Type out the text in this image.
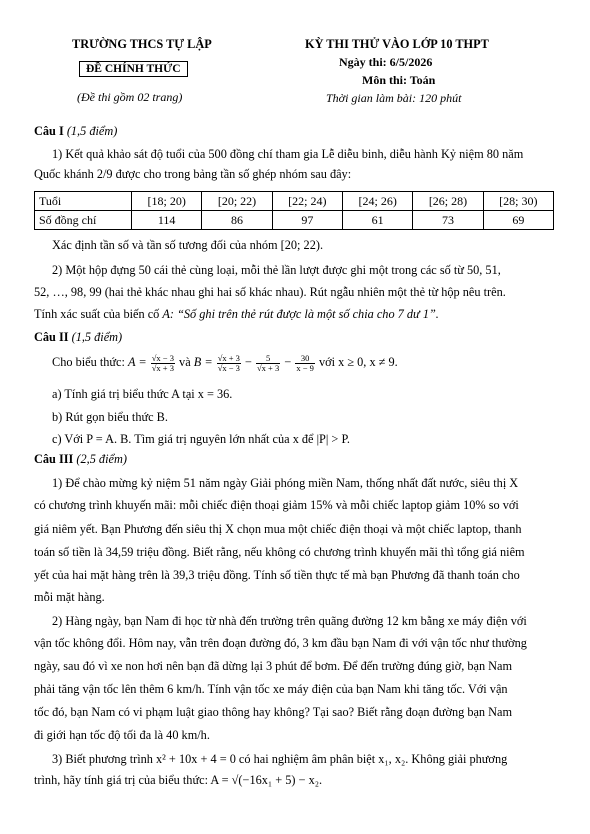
TRƯỜNG THCS TỰ LẬP
ĐỀ CHÍNH THỨC
(Đề thi gồm 02 trang)
KỲ THI THỬ VÀO LỚP 10 THPT
Ngày thi: 6/5/2026
Môn thi: Toán
Thời gian làm bài: 120 phút
Câu I (1,5 điểm)
1) Kết quả khảo sát độ tuổi của 500 đồng chí tham gia Lễ diễu binh, diễu hành Kỷ niệm 80 năm
Quốc khánh 2/9 được cho trong bảng tần số ghép nhóm sau đây:
Tuổi	[18; 20)	[20; 22)	[22; 24)	[24; 26)	[26; 28)	[28; 30)
Số đồng chí	114	86	97	61	73	69
Xác định tần số và tần số tương đối của nhóm [20; 22).
2) Một hộp đựng 50 cái thẻ cùng loại, mỗi thẻ lần lượt được ghi một trong các số từ 50, 51,
52, …, 98, 99 (hai thẻ khác nhau ghi hai số khác nhau). Rút ngẫu nhiên một thẻ từ hộp nêu trên.
Tính xác suất của biến cố A: “Số ghi trên thẻ rút được là một số chia cho 7 dư 1”.
Câu II (1,5 điểm)
Cho biểu thức: $A = \frac{√x - 3}{√x + 3}$ và $B = \frac{√x + 3}{√x - 3} - \frac{5}{√x + 3} - \frac{30}{x - 9}$ với x ≥ 0, x ≠ 9.
a) Tính giá trị biểu thức A tại x = 36.
b) Rút gọn biểu thức B.
c) Với P = A. B. Tìm giá trị nguyên lớn nhất của x để |P| > P.
Câu III (2,5 điểm)
1) Để chào mừng kỷ niệm 51 năm ngày Giải phóng miền Nam, thống nhất đất nước, siêu thị X
có chương trình khuyến mãi: mỗi chiếc điện thoại giảm 15% và mỗi chiếc laptop giảm 10% so với
giá niêm yết. Bạn Phương đến siêu thị X chọn mua một chiếc điện thoại và một chiếc laptop, thanh
toán số tiền là 34,59 triệu đồng. Biết rằng, nếu không có chương trình khuyến mãi thì tổng giá niêm
yết của hai mặt hàng trên là 39,3 triệu đồng. Tính số tiền thực tế mà bạn Phương đã thanh toán cho
mỗi mặt hàng.
2) Hàng ngày, bạn Nam đi học từ nhà đến trường trên quãng đường 12 km bằng xe máy điện với
vận tốc không đổi. Hôm nay, vẫn trên đoạn đường đó, 3 km đầu bạn Nam đi với vận tốc như thường
ngày, sau đó vì xe non hơi nên bạn đã dừng lại 3 phút để bơm. Để đến trường đúng giờ, bạn Nam
phải tăng vận tốc lên thêm 6 km/h. Tính vận tốc xe máy điện của bạn Nam khi tăng tốc. Với vận
tốc đó, bạn Nam có vi phạm luật giao thông hay không? Tại sao? Biết rằng đoạn đường bạn Nam
đi giới hạn tốc độ tối đa là 40 km/h.
3) Biết phương trình x² + 10x + 4 = 0 có hai nghiệm âm phân biệt x₁, x₂. Không giải phương
trình, hãy tính giá trị của biểu thức: A = √(−16x₁ + 5) − x₂.
